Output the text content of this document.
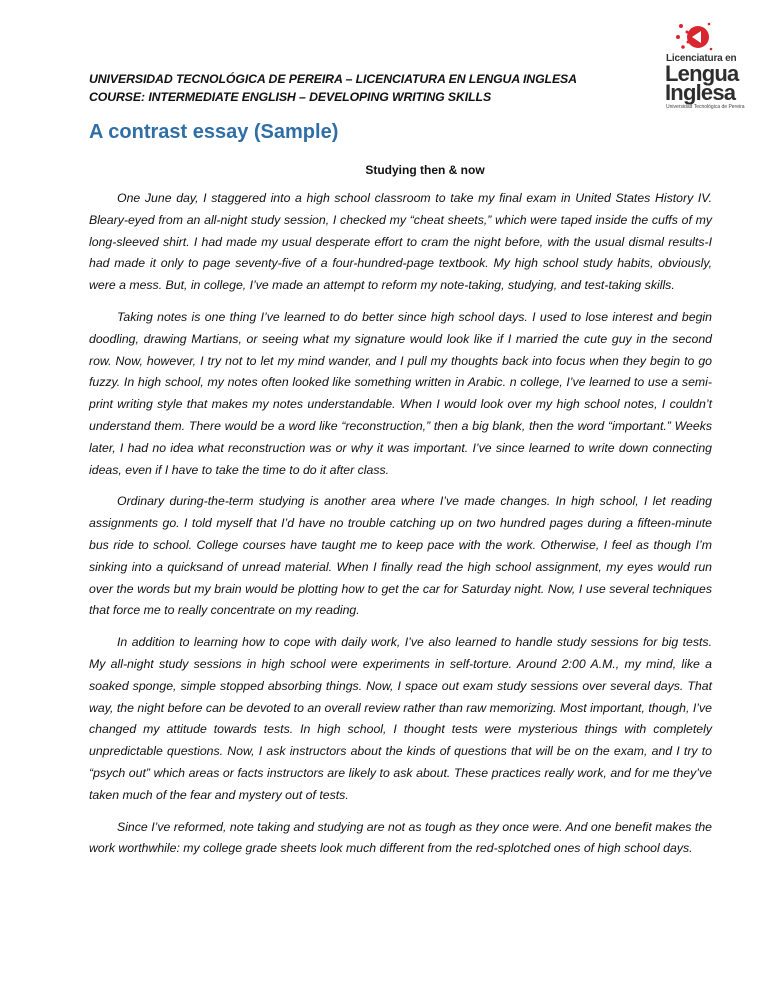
UNIVERSIDAD TECNOLÓGICA DE PEREIRA – LICENCIATURA EN LENGUA INGLESA
COURSE: INTERMEDIATE ENGLISH – DEVELOPING WRITING SKILLS
Licenciatura en
Lengua
Inglesa
Universidad Tecnológica de Pereira
A contrast essay (Sample)
Studying then & now

One June day, I staggered into a high school classroom to take my final exam in United States History IV. Bleary-eyed from an all-night study session, I checked my “cheat sheets,” which were taped inside the cuffs of my long-sleeved shirt. I had made my usual desperate effort to cram the night before, with the usual dismal results-I had made it only to page seventy-five of a four-hundred-page textbook. My high school study habits, obviously, were a mess. But, in college, I’ve made an attempt to reform my note-taking, studying, and test-taking skills.

Taking notes is one thing I’ve learned to do better since high school days. I used to lose interest and begin doodling, drawing Martians, or seeing what my signature would look like if I married the cute guy in the second row. Now, however, I try not to let my mind wander, and I pull my thoughts back into focus when they begin to go fuzzy. In high school, my notes often looked like something written in Arabic. n college, I’ve learned to use a semi-print writing style that makes my notes understandable. When I would look over my high school notes, I couldn’t understand them. There would be a word like “reconstruction,” then a big blank, then the word “important.” Weeks later, I had no idea what reconstruction was or why it was important. I’ve since learned to write down connecting ideas, even if I have to take the time to do it after class.

Ordinary during-the-term studying is another area where I’ve made changes. In high school, I let reading assignments go. I told myself that I’d have no trouble catching up on two hundred pages during a fifteen-minute bus ride to school. College courses have taught me to keep pace with the work. Otherwise, I feel as though I’m sinking into a quicksand of unread material. When I finally read the high school assignment, my eyes would run over the words but my brain would be plotting how to get the car for Saturday night. Now, I use several techniques that force me to really concentrate on my reading.

In addition to learning how to cope with daily work, I’ve also learned to handle study sessions for big tests. My all-night study sessions in high school were experiments in self-torture. Around 2:00 A.M., my mind, like a soaked sponge, simple stopped absorbing things. Now, I space out exam study sessions over several days. That way, the night before can be devoted to an overall review rather than raw memorizing. Most important, though, I’ve changed my attitude towards tests. In high school, I thought tests were mysterious things with completely unpredictable questions. Now, I ask instructors about the kinds of questions that will be on the exam, and I try to “psych out” which areas or facts instructors are likely to ask about. These practices really work, and for me they’ve taken much of the fear and mystery out of tests.

Since I’ve reformed, note taking and studying are not as tough as they once were. And one benefit makes the work worthwhile: my college grade sheets look much different from the red-splotched ones of high school days.
